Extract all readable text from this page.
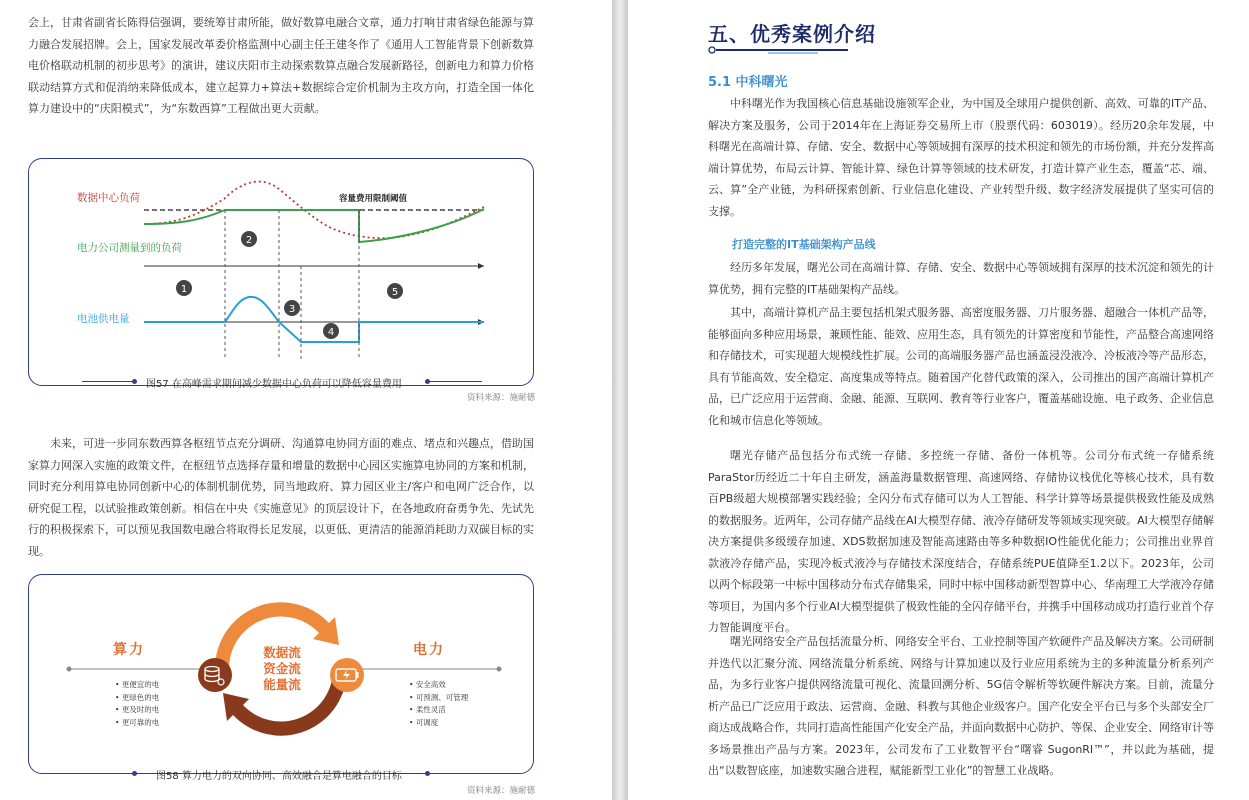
会上，甘肃省副省长陈得信强调，要统筹甘肃所能，做好数算电融合文章，通力打响甘肃省绿色能源与算力融合发展招牌。会上，国家发展改革委价格监测中心副主任王建冬作了《通用人工智能背景下创新数算电价格联动机制的初步思考》的演讲，建议庆阳市主动探索数算点融合发展新路径，创新电力和算力价格联动结算方式和促消纳来降低成本，建立起算力+算法+数据综合定价机制为主攻方向，打造全国一体化算力建设中的“庆阳模式”，为“东数西算”工程做出更大贡献。

1
2
3
4
5
数据中心负荷
电力公司测量到的负荷
电池供电量
容量费用限制阈值
图57 在高峰需求期间减少数据中心负荷可以降低容量费用
资料来源：施耐德

未来，可进一步同东数西算各枢纽节点充分调研、沟通算电协同方面的难点、堵点和兴趣点，借助国家算力网深入实施的政策文件，在枢纽节点选择存量和增量的数据中心园区实施算电协同的方案和机制，同时充分利用算电协同创新中心的体制机制优势，同当地政府、算力园区业主/客户和电网广泛合作，以研究促工程，以试验推政策创新。相信在中央《实施意见》的顶层设计下，在各地政府奋勇争先、先试先行的积极探索下，可以预见我国数电融合将取得长足发展，以更低、更清洁的能源消耗助力双碳目标的实现。

算力	电力
数据流
资金流
能量流
• 更便宜的电
• 更绿色的电
• 更及时的电
• 更可靠的电
• 安全高效
• 可预测、可管理
• 柔性灵活
• 可调度
图58 算力电力的双向协同、高效融合是算电融合的目标
资料来源：施耐德
五、优秀案例介绍
5.1 中科曙光

中科曙光作为我国核心信息基础设施领军企业，为中国及全球用户提供创新、高效、可靠的IT产品、解决方案及服务，公司于2014年在上海证券交易所上市（股票代码：603019）。经历20余年发展，中科曙光在高端计算、存储、安全、数据中心等领域拥有深厚的技术积淀和领先的市场份额，并充分发挥高端计算优势，布局云计算、智能计算、绿色计算等领域的技术研发，打造计算产业生态，覆盖“芯、端、云、算”全产业链，为科研探索创新、行业信息化建设、产业转型升级、数字经济发展提供了坚实可信的支撑。

打造完整的IT基础架构产品线

经历多年发展，曙光公司在高端计算、存储、安全、数据中心等领域拥有深厚的技术沉淀和领先的计算优势，拥有完整的IT基础架构产品线。

其中，高端计算机产品主要包括机架式服务器、高密度服务器、刀片服务器、超融合一体机产品等，能够面向多种应用场景，兼顾性能、能效、应用生态，具有领先的计算密度和节能性，产品整合高速网络和存储技术，可实现超大规模线性扩展。公司的高端服务器产品也涵盖浸没液冷、冷板液冷等产品形态，具有节能高效、安全稳定、高度集成等特点。随着国产化替代政策的深入，公司推出的国产高端计算机产品，已广泛应用于运营商、金融、能源、互联网、教育等行业客户，覆盖基础设施、电子政务、企业信息化和城市信息化等领域。

曙光存储产品包括分布式统一存储、多控统一存储、备份一体机等。公司分布式统一存储系统ParaStor历经近二十年自主研发，涵盖海量数据管理、高速网络、存储协议栈优化等核心技术，具有数百PB级超大规模部署实践经验；全闪分布式存储可以为人工智能、科学计算等场景提供极致性能及成熟的数据服务。近两年，公司存储产品线在AI大模型存储、液冷存储研发等领域实现突破。AI大模型存储解决方案提供多级缓存加速、XDS数据加速及智能高速路由等多种数据IO性能优化能力；公司推出业界首款液冷存储产品，实现冷板式液冷与存储技术深度结合，存储系统PUE值降至1.2以下。2023年，公司以两个标段第一中标中国移动分布式存储集采，同时中标中国移动新型智算中心、华南理工大学液冷存储等项目，为国内多个行业AI大模型提供了极致性能的全闪存储平台，并携手中国移动成功打造行业首个存力智能调度平台。

曙光网络安全产品包括流量分析、网络安全平台、工业控制等国产软硬件产品及解决方案。公司研制并迭代以汇聚分流、网络流量分析系统、网络与计算加速以及行业应用系统为主的多种流量分析系列产品，为多行业客户提供网络流量可视化、流量回溯分析、5G信令解析等软硬件解决方案。目前，流量分析产品已广泛应用于政法、运营商、金融、科教与其他企业级客户。国产化安全平台已与多个头部安全厂商达成战略合作，共同打造高性能国产化安全产品，并面向数据中心防护、等保、企业安全、网络审计等多场景推出产品与方案。2023年，公司发布了工业数智平台“曙睿 SugonRI™”，并以此为基础，提出“以数智底座，加速数实融合进程，赋能新型工业化”的智慧工业战略。
